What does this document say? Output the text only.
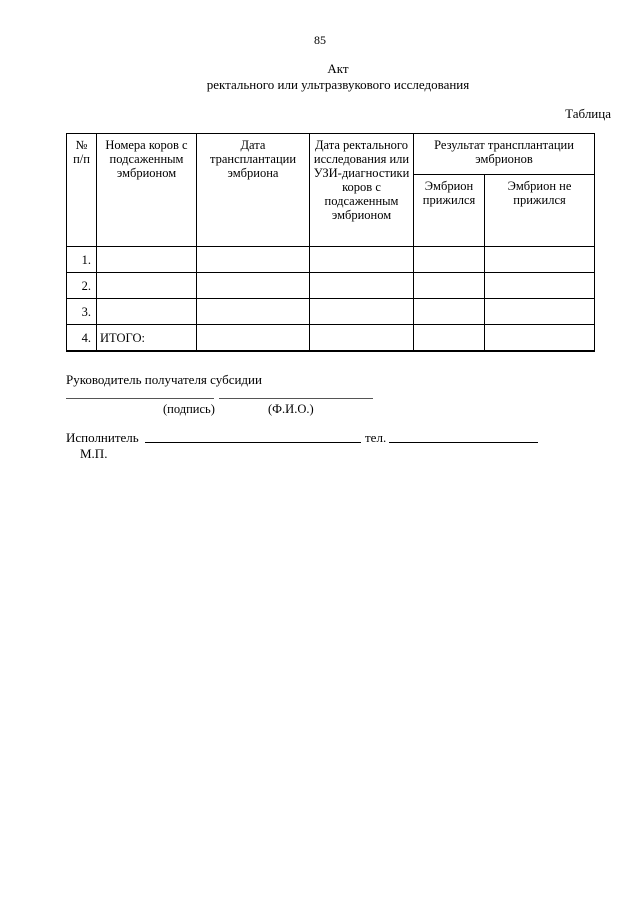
85
Акт
ректального или ультразвукового исследования
Таблица
№
п/п	Номера коров с подсаженным эмбрионом	Дата трансплантации эмбриона	Дата ректального исследования или УЗИ-диагностики коров с подсаженным эмбрионом	Результат трансплантации эмбрионов	
				Эмбрион прижился	Эмбрион не прижился
1.					
2.					
3.					
4.	ИТОГО:				
Руководитель получателя субсидии
(подпись)	(Ф.И.О.)
Исполнитель	тел.
М.П.
